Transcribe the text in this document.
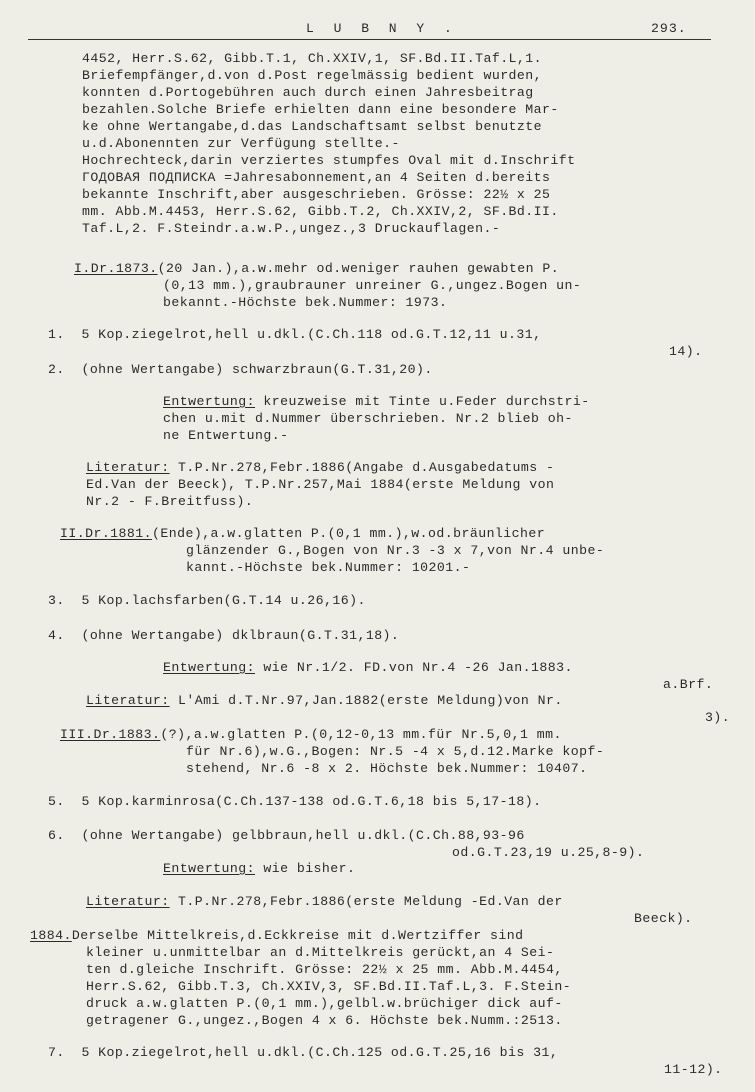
L U B N Y .	293.
4452, Herr.S.62, Gibb.T.1, Ch.XXIV,1, SF.Bd.II.Taf.L,1.
Briefempfänger,d.von d.Post regelmässig bedient wurden,
konnten d.Portogebühren auch durch einen Jahresbeitrag
bezahlen.Solche Briefe erhielten dann eine besondere Mar-
ke ohne Wertangabe,d.das Landschaftsamt selbst benutzte
u.d.Abonennten zur Verfügung stellte.-
Hochrechteck,darin verziertes stumpfes Oval mit d.Inschrift
ГОДОВАЯ ПОДПИСКА =Jahresabonnement,an 4 Seiten d.bereits
bekannte Inschrift,aber ausgeschrieben. Grösse: 22½ x 25
mm. Abb.M.4453, Herr.S.62, Gibb.T.2, Ch.XXIV,2, SF.Bd.II.
Taf.L,2. F.Steindr.a.w.P.,ungez.,3 Druckauflagen.-
I.Dr.1873.(20 Jan.),a.w.mehr od.weniger rauhen gewabten P.
(0,13 mm.),graubrauner unreiner G.,ungez.Bogen un-
bekannt.-Höchste bek.Nummer: 1973.
1.  5 Kop.ziegelrot,hell u.dkl.(C.Ch.118 od.G.T.12,11 u.31,
14).
2.  (ohne Wertangabe) schwarzbraun(G.T.31,20).
Entwertung: kreuzweise mit Tinte u.Feder durchstri-
chen u.mit d.Nummer überschrieben. Nr.2 blieb oh-
ne Entwertung.-
Literatur: T.P.Nr.278,Febr.1886(Angabe d.Ausgabedatums -
Ed.Van der Beeck), T.P.Nr.257,Mai 1884(erste Meldung von
Nr.2 - F.Breitfuss).
II.Dr.1881.(Ende),a.w.glatten P.(0,1 mm.),w.od.bräunlicher
glänzender G.,Bogen von Nr.3 -3 x 7,von Nr.4 unbe-
kannt.-Höchste bek.Nummer: 10201.-
3.  5 Kop.lachsfarben(G.T.14 u.26,16).
4.  (ohne Wertangabe) dklbraun(G.T.31,18).
Entwertung: wie Nr.1/2. FD.von Nr.4 -26 Jan.1883.
a.Brf.
Literatur: L'Ami d.T.Nr.97,Jan.1882(erste Meldung)von Nr.
3).
III.Dr.1883.(?),a.w.glatten P.(0,12-0,13 mm.für Nr.5,0,1 mm.
für Nr.6),w.G.,Bogen: Nr.5 -4 x 5,d.12.Marke kopf-
stehend, Nr.6 -8 x 2. Höchste bek.Nummer: 10407.
5.  5 Kop.karminrosa(C.Ch.137-138 od.G.T.6,18 bis 5,17-18).
6.  (ohne Wertangabe) gelbbraun,hell u.dkl.(C.Ch.88,93-96
od.G.T.23,19 u.25,8-9).
Entwertung: wie bisher.
Literatur: T.P.Nr.278,Febr.1886(erste Meldung -Ed.Van der
Beeck).
1884.Derselbe Mittelkreis,d.Eckkreise mit d.Wertziffer sind
kleiner u.unmittelbar an d.Mittelkreis gerückt,an 4 Sei-
ten d.gleiche Inschrift. Grösse: 22½ x 25 mm. Abb.M.4454,
Herr.S.62, Gibb.T.3, Ch.XXIV,3, SF.Bd.II.Taf.L,3. F.Stein-
druck a.w.glatten P.(0,1 mm.),gelbl.w.brüchiger dick auf-
getragener G.,ungez.,Bogen 4 x 6. Höchste bek.Numm.:2513.
7.  5 Kop.ziegelrot,hell u.dkl.(C.Ch.125 od.G.T.25,16 bis 31,
11-12).
